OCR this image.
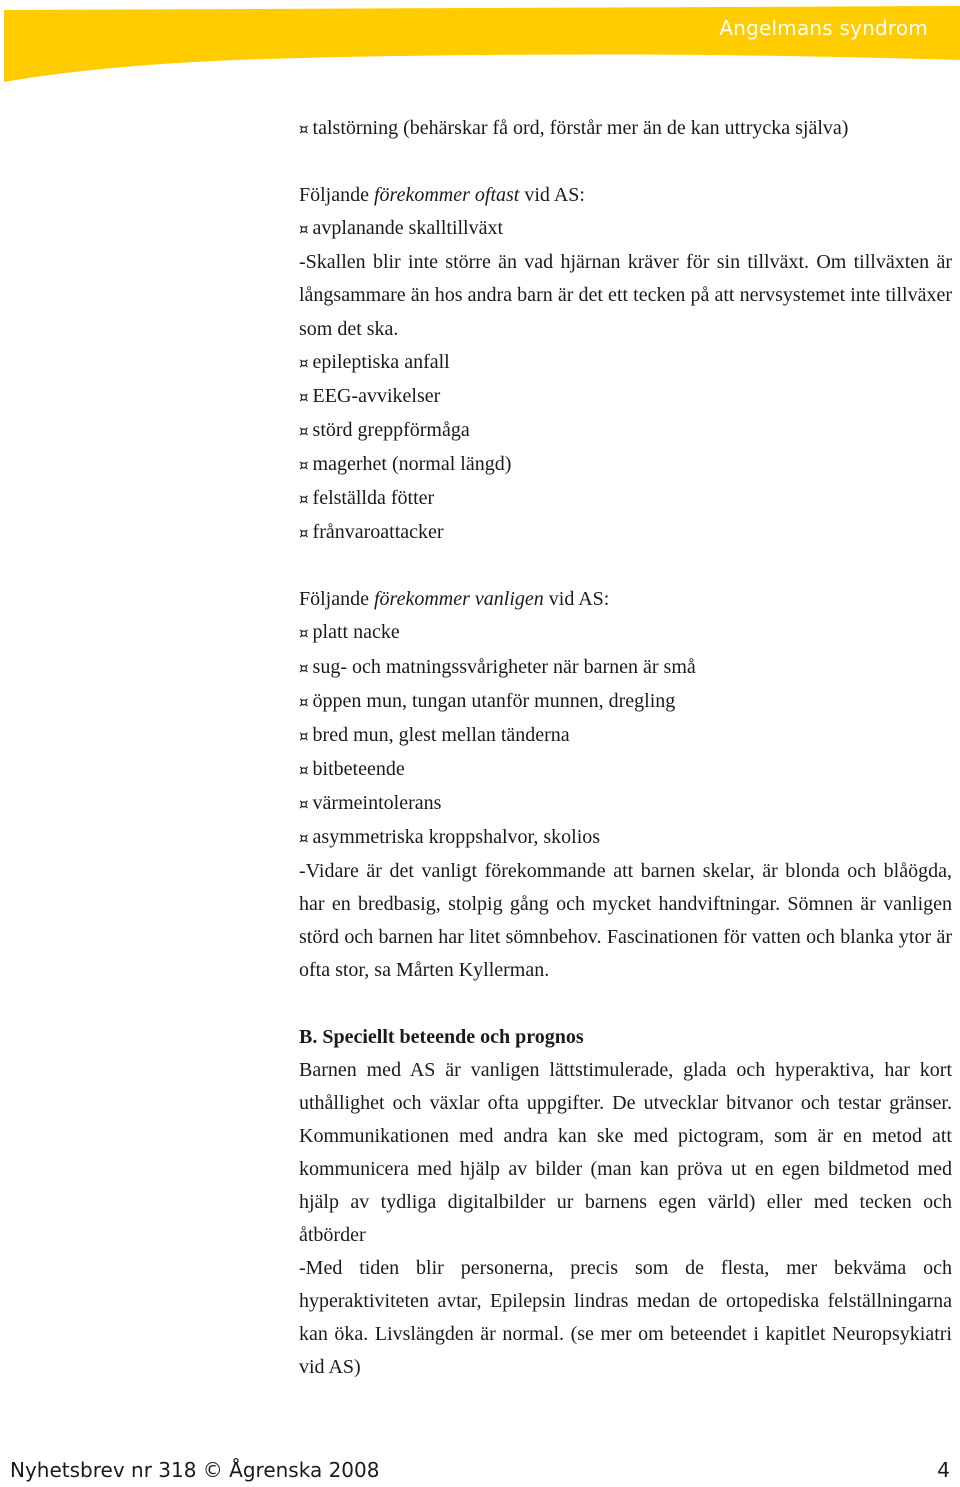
Angelmans syndrom
¤ talstörning (behärskar få ord, förstår mer än de kan uttrycka själva)
Följande förekommer oftast vid AS:
¤ avplanande skalltillväxt
-Skallen blir inte större än vad hjärnan kräver för sin tillväxt. Om tillväxten är långsammare än hos andra barn är det ett tecken på att nervsystemet inte tillväxer som det ska.
¤ epileptiska anfall
¤ EEG-avvikelser
¤ störd greppförmåga
¤ magerhet (normal längd)
¤ felställda fötter
¤ frånvaroattacker
Följande förekommer vanligen vid AS:
¤ platt nacke
¤ sug- och matningssvårigheter när barnen är små
¤ öppen mun, tungan utanför munnen, dregling
¤ bred mun, glest mellan tänderna
¤ bitbeteende
¤ värmeintolerans
¤ asymmetriska kroppshalvor, skolios
-Vidare är det vanligt förekommande att barnen skelar, är blonda och blåögda, har en bredbasig, stolpig gång och mycket handviftningar. Sömnen är vanligen störd och barnen har litet sömnbehov. Fascinationen för vatten och blanka ytor är ofta stor, sa Mårten Kyllerman.
B. Speciellt beteende och prognos
Barnen med AS är vanligen lättstimulerade, glada och hyperaktiva, har kort uthållighet och växlar ofta uppgifter. De utvecklar bitvanor och testar gränser. Kommunikationen med andra kan ske med pictogram, som är en metod att kommunicera med hjälp av bilder (man kan pröva ut en egen bildmetod med hjälp av tydliga digitalbilder ur barnens egen värld) eller med tecken och åtbörder
-Med tiden blir personerna, precis som de flesta, mer bekväma och hyperaktiviteten avtar, Epilepsin lindras medan de ortopediska felställningarna kan öka. Livslängden är normal. (se mer om beteendet i kapitlet Neuropsykiatri vid AS)
Nyhetsbrev nr 318 © Ågrenska 2008	4
